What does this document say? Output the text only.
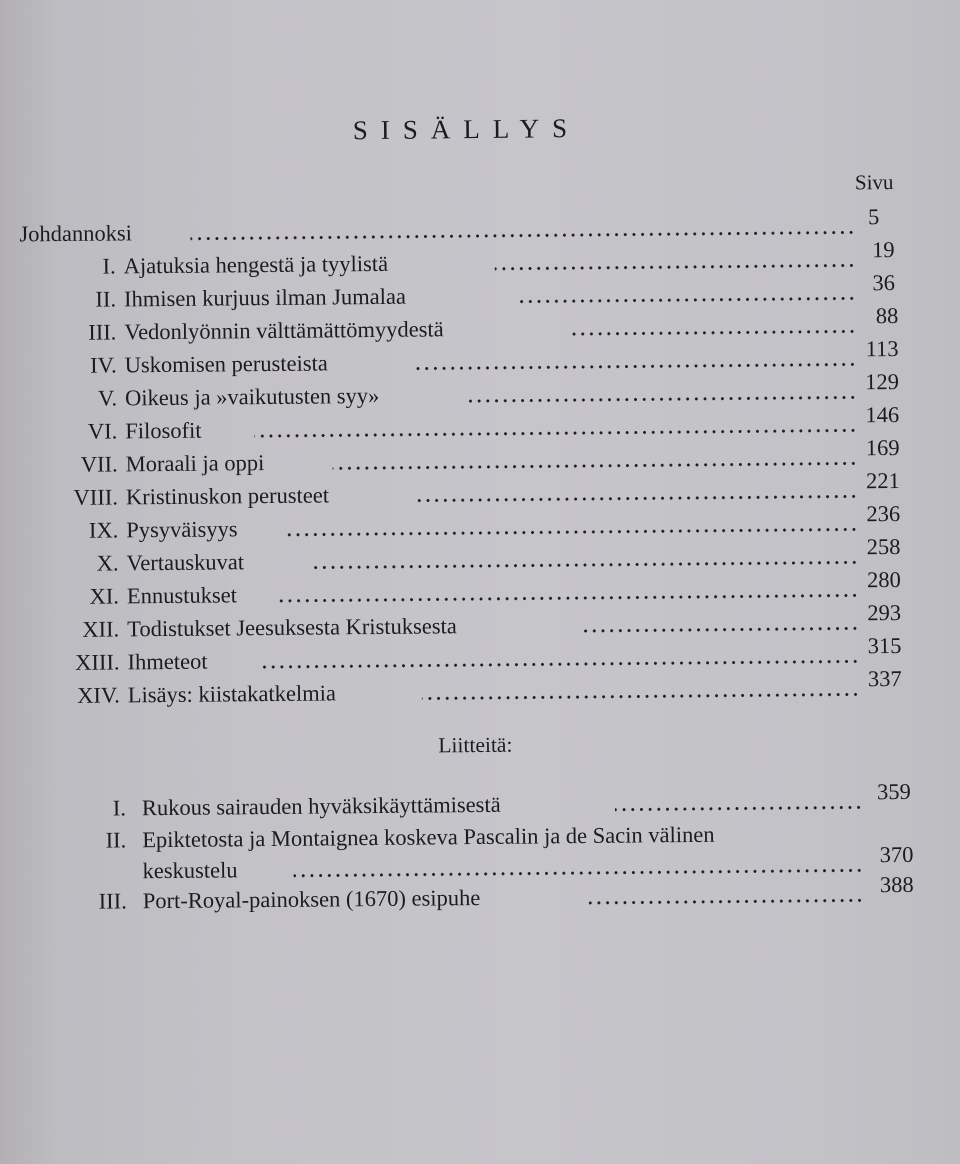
SISÄLLYS
Sivu
Johdannoksi
5
I. Ajatuksia hengestä ja tyylistä
19
II. Ihmisen kurjuus ilman Jumalaa
36
III. Vedonlyönnin välttämättömyydestä
88
IV. Uskomisen perusteista
113
V. Oikeus ja »vaikutusten syy»
129
VI. Filosofit
146
VII. Moraali ja oppi
169
VIII. Kristinuskon perusteet
221
IX. Pysyväisyys
236
X. Vertauskuvat
258
XI. Ennustukset
280
XII. Todistukset Jeesuksesta Kristuksesta
293
XIII. Ihmeteot
315
XIV. Lisäys: kiistakatkelmia
337
Liitteitä:
I. Rukous sairauden hyväksikäyttämisestä
359
II. Epiktetosta ja Montaignea koskeva Pascalin ja de Sacin välinen
keskustelu
370
III. Port-Royal-painoksen (1670) esipuhe
388
